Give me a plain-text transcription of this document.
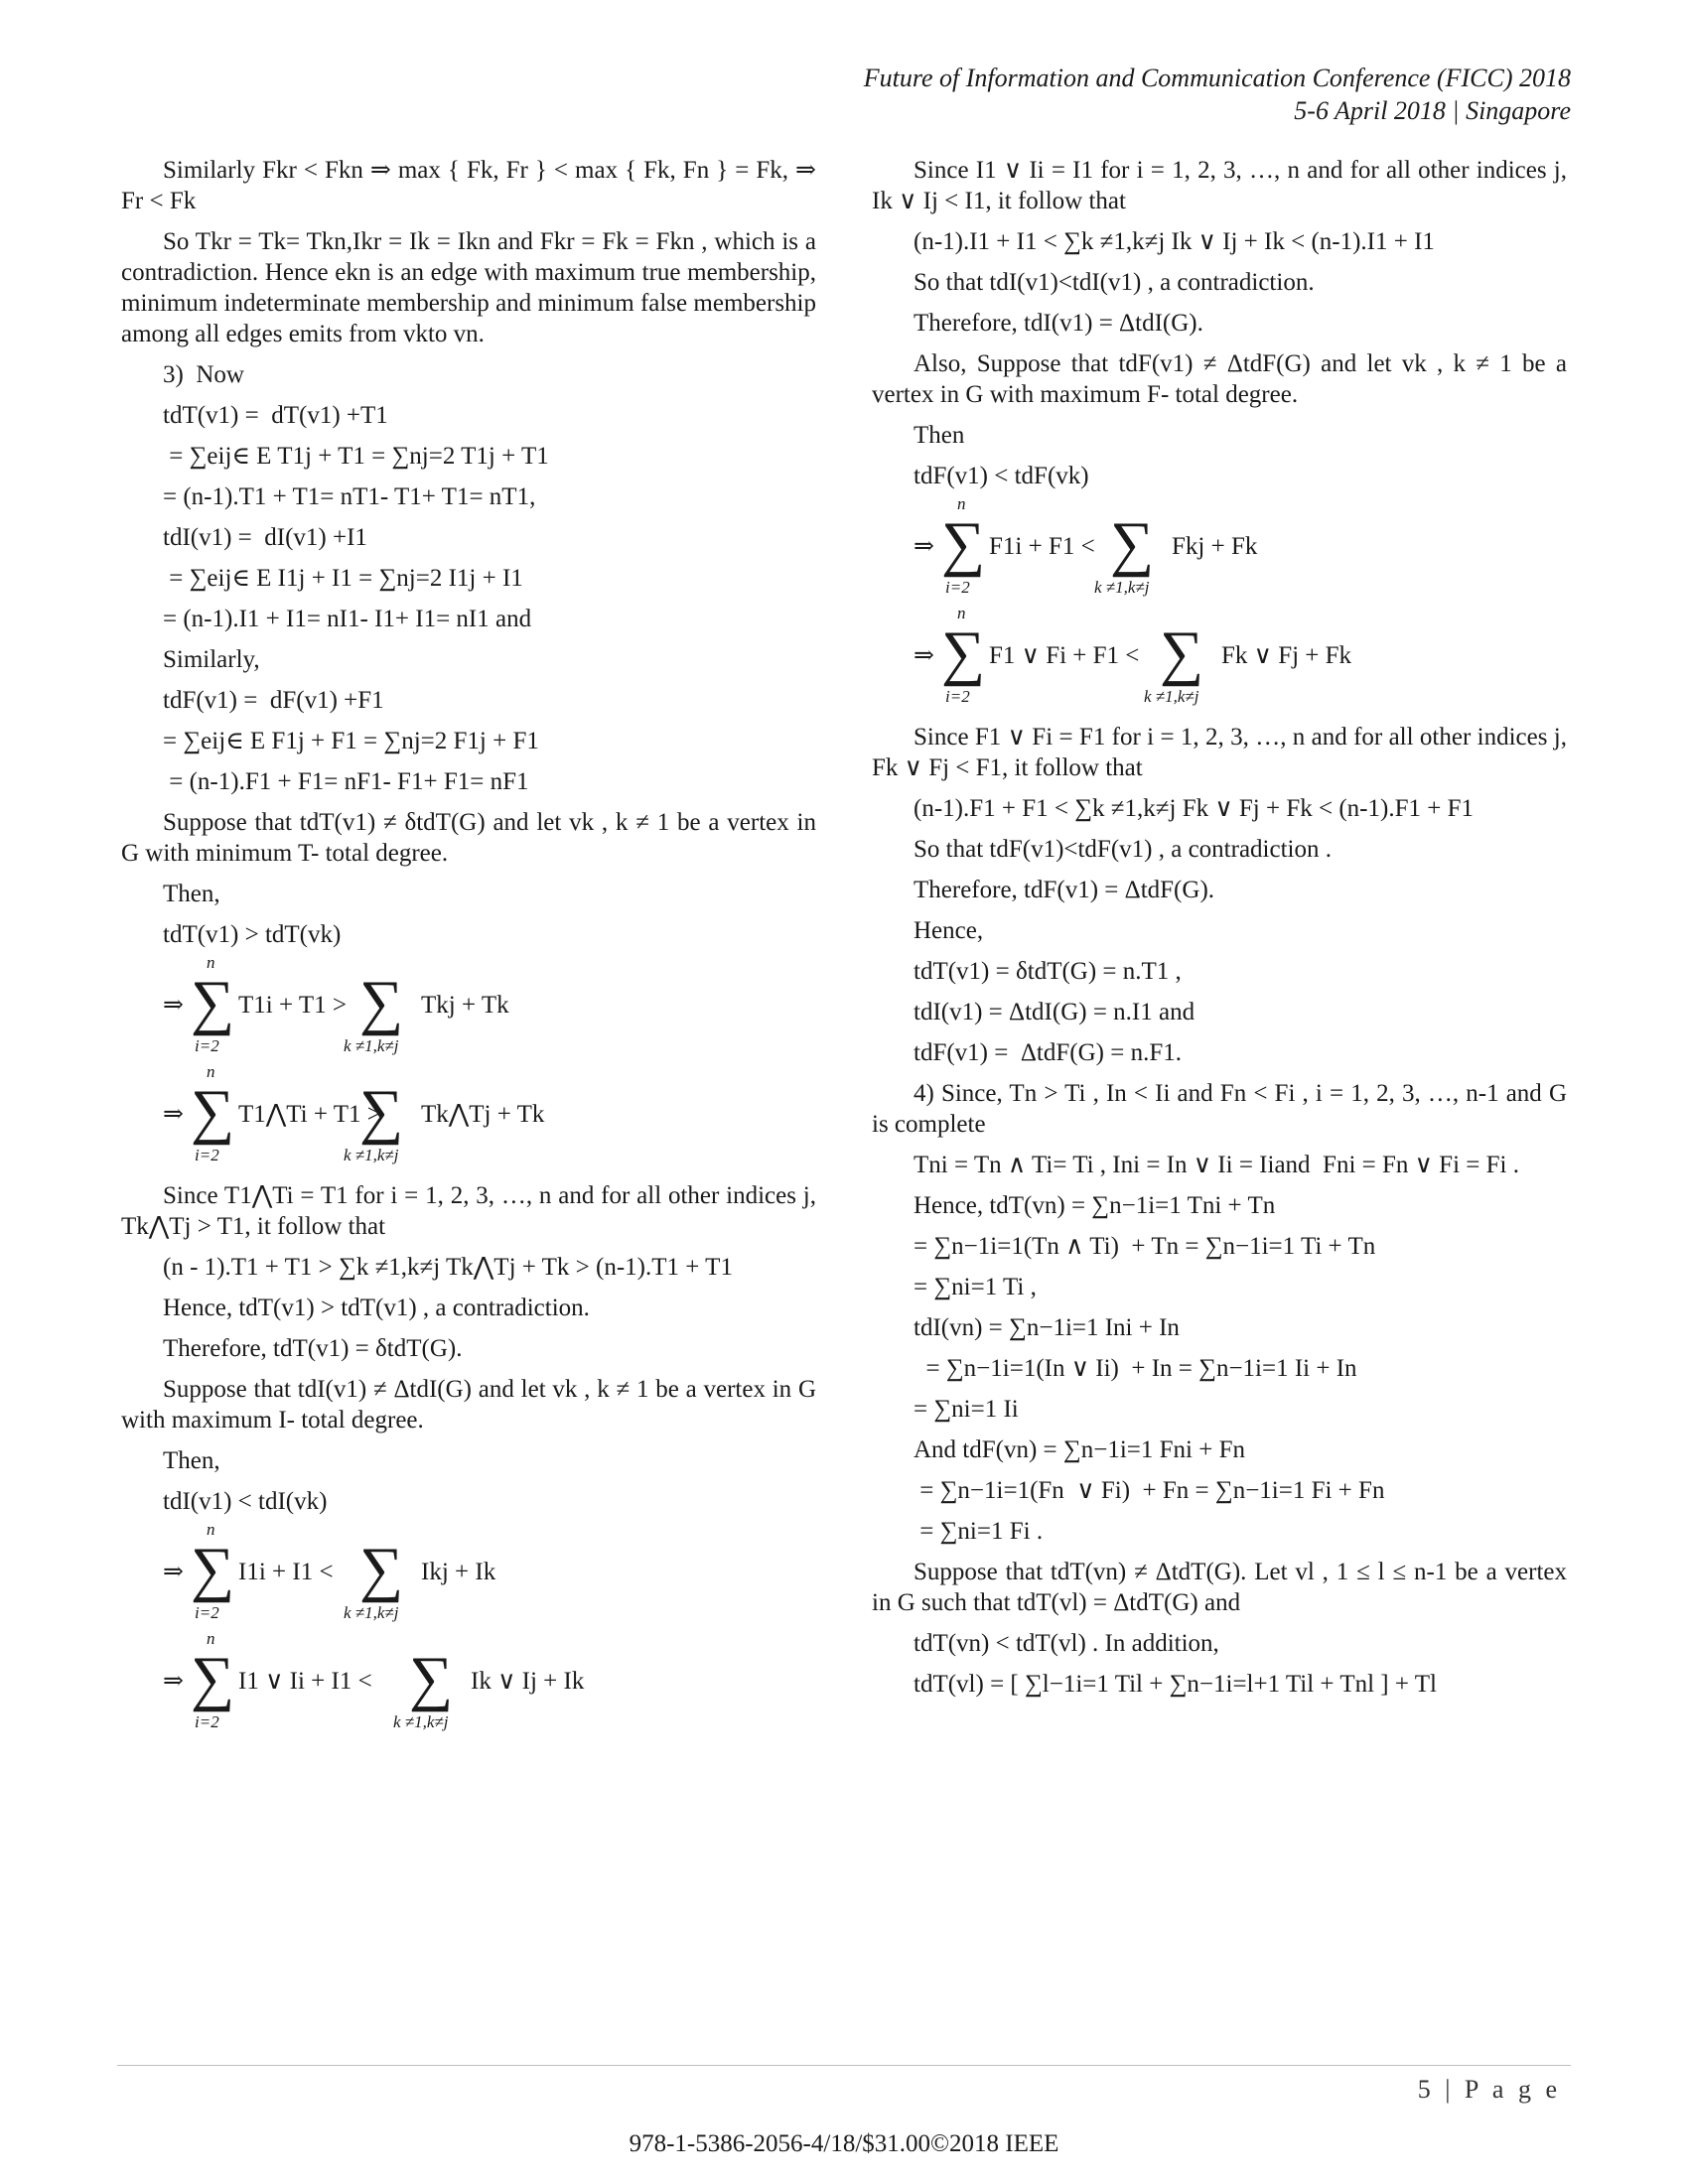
Future of Information and Communication Conference (FICC) 2018
5-6 April 2018 | Singapore
Similarly Fkr < Fkn ⇒ max { Fk, Fr } < max { Fk, Fn } = Fk, ⇒ Fr < Fk
So Tkr = Tk= Tkn,Ikr = Ik = Ikn and Fkr = Fk = Fkn , which is a contradiction. Hence ekn is an edge with maximum true membership, minimum indeterminate membership and minimum false membership among all edges emits from vkto vn.
3)  Now
tdT(v1) =  dT(v1) +T1
= ∑eij∈ E T1j + T1 = ∑nj=2 T1j + T1
= (n-1).T1 + T1= nT1- T1+ T1= nT1,
tdI(v1) =  dI(v1) +I1
= ∑eij∈ E I1j + I1 = ∑nj=2 I1j + I1
= (n-1).I1 + I1= nI1- I1+ I1= nI1 and
Similarly,
tdF(v1) =  dF(v1) +F1
= ∑eij∈ E F1j + F1 = ∑nj=2 F1j + F1
= (n-1).F1 + F1= nF1- F1+ F1= nF1
Suppose that tdT(v1) ≠ δtdT(G) and let vk , k ≠ 1 be a vertex in G with minimum T- total degree.
Then,
tdT(v1) > tdT(vk)
⇒ ∑
n
i=2
T1i + T1 > ∑
k ≠1,k≠j
Tkj + Tk
⇒ ∑
n
i=2
T1⋀Ti + T1 >
∑
k ≠1,k≠j
Tk⋀Tj + Tk
Since T1⋀Ti = T1 for i = 1, 2, 3, …, n and for all other indices j, Tk⋀Tj > T1, it follow that
(n - 1).T1 + T1 > ∑k ≠1,k≠j Tk⋀Tj + Tk > (n-1).T1 + T1
Hence, tdT(v1) > tdT(v1) , a contradiction.
Therefore, tdT(v1) = δtdT(G).
Suppose that tdI(v1) ≠ ΔtdI(G) and let vk , k ≠ 1 be a vertex in G with maximum I- total degree.
Then,
tdI(v1) < tdI(vk)
⇒ ∑
n
i=2
I1i + I1 < ∑
k ≠1,k≠j
Ikj + Ik
⇒ ∑
n
i=2
I1 ∨ Ii + I1 < ∑
k ≠1,k≠j
Ik ∨ Ij + Ik
Since I1 ∨ Ii = I1 for i = 1, 2, 3, …, n and for all other indices j, Ik ∨ Ij < I1, it follow that
(n-1).I1 + I1 < ∑k ≠1,k≠j Ik ∨ Ij + Ik < (n-1).I1 + I1
So that tdI(v1)<tdI(v1) , a contradiction.
Therefore, tdI(v1) = ΔtdI(G).
Also, Suppose that tdF(v1) ≠ ΔtdF(G) and let vk , k ≠ 1 be a vertex in G with maximum F- total degree.
Then
tdF(v1) < tdF(vk)
⇒ ∑
n
i=2
F1i + F1 < ∑
k ≠1,k≠j
Fkj + Fk
⇒ ∑
n
i=2
F1 ∨ Fi + F1 < ∑
k ≠1,k≠j
Fk ∨ Fj + Fk
Since F1 ∨ Fi = F1 for i = 1, 2, 3, …, n and for all other indices j, Fk ∨ Fj < F1, it follow that
(n-1).F1 + F1 < ∑k ≠1,k≠j Fk ∨ Fj + Fk < (n-1).F1 + F1
So that tdF(v1)<tdF(v1) , a contradiction .
Therefore, tdF(v1) = ΔtdF(G).
Hence,
tdT(v1) = δtdT(G) = n.T1 ,
tdI(v1) = ΔtdI(G) = n.I1 and
tdF(v1) =  ΔtdF(G) = n.F1.
4) Since, Tn > Ti , In < Ii and Fn < Fi , i = 1, 2, 3, …, n-1 and G is complete
Tni = Tn ∧ Ti= Ti , Ini = In ∨ Ii = Iiand  Fni = Fn ∨ Fi = Fi .
Hence, tdT(vn) = ∑n−1i=1 Tni + Tn
= ∑n−1i=1(Tn ∧ Ti)  + Tn = ∑n−1i=1 Ti + Tn
= ∑ni=1 Ti ,
tdI(vn) = ∑n−1i=1 Ini + In
= ∑n−1i=1(In ∨ Ii)  + In = ∑n−1i=1 Ii + In
= ∑ni=1 Ii
And tdF(vn) = ∑n−1i=1 Fni + Fn
= ∑n−1i=1(Fn  ∨ Fi)  + Fn = ∑n−1i=1 Fi + Fn
= ∑ni=1 Fi .
Suppose that tdT(vn) ≠ ΔtdT(G). Let vl , 1 ≤ l ≤ n-1 be a vertex in G such that tdT(vl) = ΔtdT(G) and
tdT(vn) < tdT(vl) . In addition,
tdT(vl) = [ ∑l−1i=1 Til + ∑n−1i=l+1 Til + Tnl ] + Tl
5 | P a g e
978-1-5386-2056-4/18/$31.00©2018 IEEE
